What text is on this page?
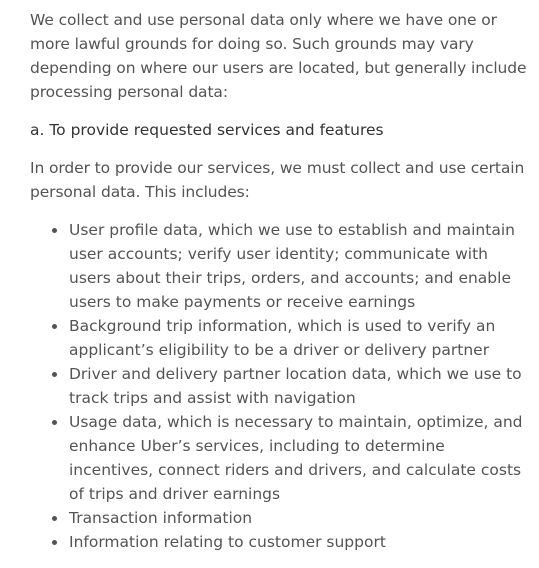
We collect and use personal data only where we have one or more lawful grounds for doing so. Such grounds may vary depending on where our users are located, but generally include processing personal data:

a. To provide requested services and features

In order to provide our services, we must collect and use certain personal data. This includes:

User profile data, which we use to establish and maintain user accounts; verify user identity; communicate with users about their trips, orders, and accounts; and enable users to make payments or receive earnings
Background trip information, which is used to verify an applicant’s eligibility to be a driver or delivery partner
Driver and delivery partner location data, which we use to track trips and assist with navigation
Usage data, which is necessary to maintain, optimize, and enhance Uber’s services, including to determine incentives, connect riders and drivers, and calculate costs of trips and driver earnings
Transaction information
Information relating to customer support
